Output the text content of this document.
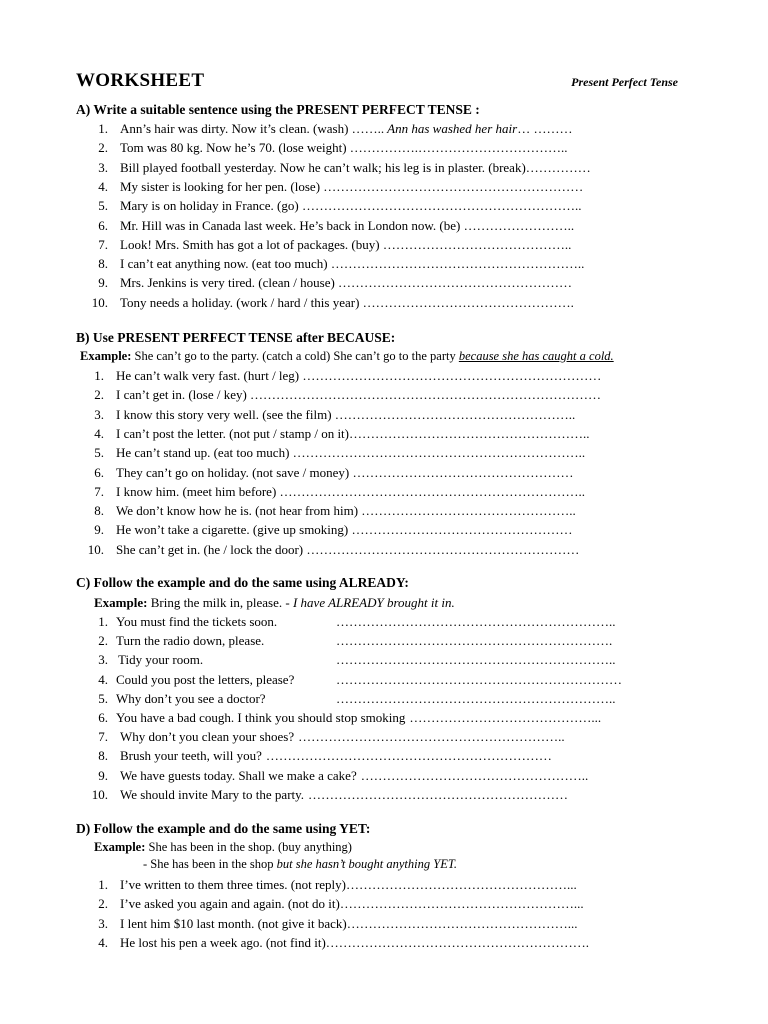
WORKSHEET	Present Perfect Tense
A) Write a suitable sentence using the PRESENT PERFECT TENSE :
1. Ann’s hair was dirty. Now it’s clean. (wash) …….. Ann has washed her hair… ………
2. Tom was 80 kg. Now he’s 70. (lose weight) …………….……………………………..
3. Bill played football yesterday. Now he can’t walk; his leg is in plaster. (break)……………
4. My sister is looking for her pen. (lose) ……………………………………………………
5. Mary is on holiday in France. (go) ………………………………………………………..
6. Mr. Hill was in Canada last week. He’s back in London now. (be) ……………………..
7. Look! Mrs. Smith has got a lot of packages. (buy) ……………………………………..
8. I can’t eat anything now. (eat too much) …………………………………………………..
9. Mrs. Jenkins is very tired. (clean / house) ………………………………………………
10. Tony needs a holiday. (work / hard / this year) ………………………………………….
B) Use PRESENT PERFECT TENSE after BECAUSE:
Example: She can’t go to the party. (catch a cold) She can’t go to the party because she has caught a cold.
1. He can’t walk very fast. (hurt / leg) ……………………………………………………………
2. I can’t get in. (lose / key) ………………………………………………………………………
3. I know this story very well. (see the film) ………………………………………………..
4. I can’t post the letter. (not put / stamp / on it)………………………………………………..
5. He can’t stand up. (eat too much) …………………………………………………………..
6. They can’t go on holiday. (not save / money) ……………………………………………
7. I know him. (meet him before) ……………………………………………………………..
8. We don’t know how he is. (not hear from him) …………………………………………..
9. He won’t take a cigarette. (give up smoking) ……………………………………………
10. She can’t get in. (he / lock the door) ………………………………………………………
C) Follow the example and do the same using ALREADY:
Example: Bring the milk in, please. - I have ALREADY brought it in.
1. You must find the tickets soon.	………………………………………………………..
2. Turn the radio down, please.	……………………………………………………….
3. Tidy your room.	………………………………………………………..
4. Could you post the letters, please?	…………………………………………………………
5. Why don’t you see a doctor?	………………………………………………………..
6. You have a bad cough. I think you should stop smoking ……………………………………...
7. Why don’t you clean your shoes? ……………………………………………………..
8. Brush your teeth, will you? …………………………………………………………
9. We have guests today. Shall we make a cake? ……………………………………………..
10. We should invite Mary to the party. ……………………………………………………
D) Follow the example and do the same using YET:
Example: She has been in the shop. (buy anything)
- She has been in the shop but she hasn’t bought anything YET.
1. I’ve written to them three times. (not reply)……………………………………………...
2. I’ve asked you again and again. (not do it)………………………………………………...
3. I lent him $10 last month. (not give it back)……………………………………………...
4. He lost his pen a week ago. (not find it)…………………………………………………….
